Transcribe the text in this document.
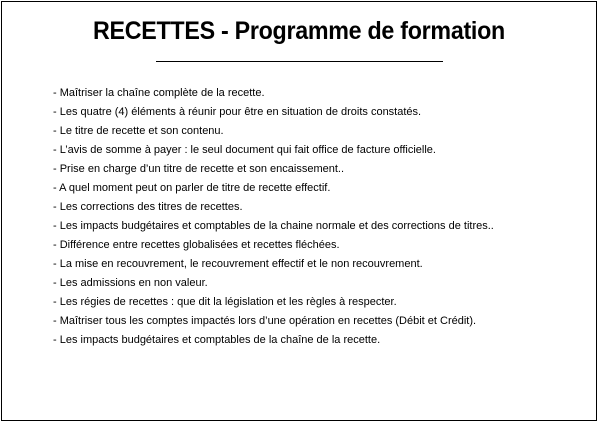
RECETTES - Programme de formation
- Maîtriser la chaîne complète de la recette.
- Les quatre (4) éléments à réunir pour être en situation de droits constatés.
- Le titre de recette et son contenu.
- L’avis de somme à payer : le seul document qui fait office de facture officielle.
- Prise en charge d’un titre de recette et son encaissement..
- A quel moment peut on parler de titre de recette effectif.
- Les corrections des titres de recettes.
- Les impacts budgétaires et comptables de la chaine normale et des corrections de titres..
- Différence entre recettes globalisées et recettes fléchées.
- La mise en recouvrement, le recouvrement effectif et le non recouvrement.
- Les admissions en non valeur.
- Les régies de recettes : que dit la législation et les règles à respecter.
- Maîtriser tous les comptes impactés lors d’une opération en recettes (Débit et Crédit).
- Les impacts budgétaires et comptables de la chaîne de la recette.
